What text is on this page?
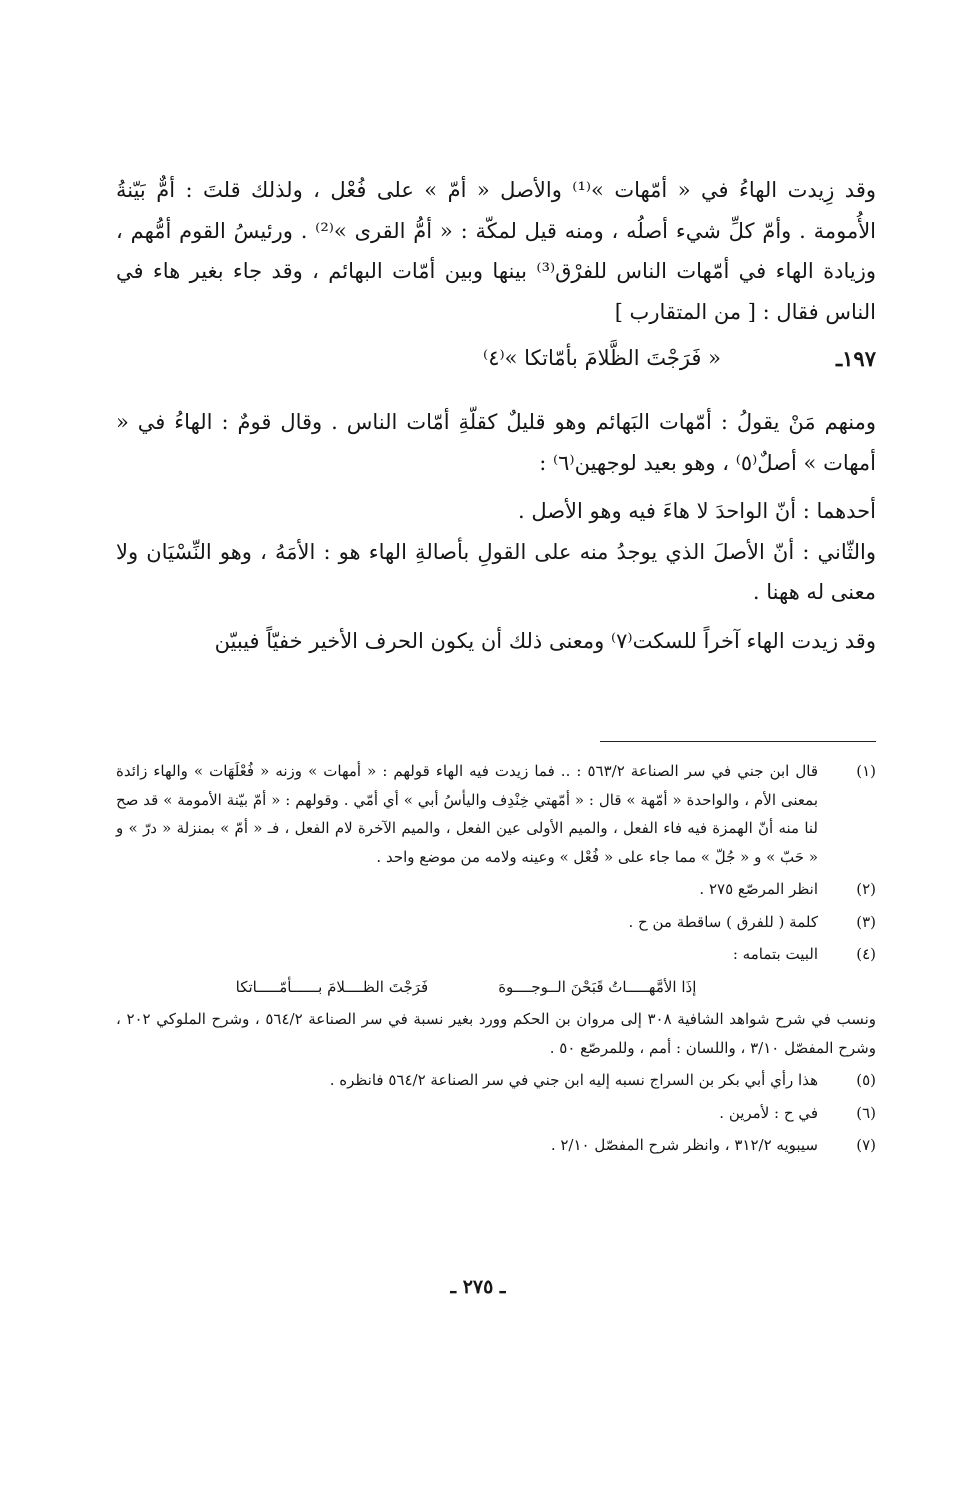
وقد زِيدت الهاءُ في « أمّهات »⁽¹⁾ والأصل « أمّ » على فُعْل ، ولذلك قلتَ : أمٌّ بَيّنةُ الأُمومة . وأمّ كلِّ شيء أصلُه ، ومنه قيل لمكّة : « أمُّ القرى »⁽²⁾ . ورئيسُ القوم أمُّهم ، وزيادة الهاء في أمّهات الناس للفرْق⁽³⁾ بينها وبين أمّات البهائم ، وقد جاء بغير هاء في الناس فقال : [ من المتقارب ]

١٩٧ـ
« فَرَجْتَ الظَّلامَ بأمّاتكا »⁽٤⁾

ومنهم مَنْ يقولُ : أمّهات البَهائم وهو قليلٌ كقلّةِ أمّات الناس . وقال قومٌ : الهاءُ في « أمهات » أصلٌ⁽٥⁾ ، وهو بعيد لوجهين⁽٦⁾ :

أحدهما : أنّ الواحدَ لا هاءَ فيه وهو الأصل .

والثّاني : أنّ الأصلَ الذي يوجدُ منه على القولِ بأصالةِ الهاء هو : الأمَهُ ، وهو النِّسْيَان ولا معنى له ههنا .

وقد زيدت الهاء آخراً للسكت⁽٧⁾ ومعنى ذلك أن يكون الحرف الأخير خفيّاً فيبيّن

(١)
قال ابن جني في سر الصناعة ٥٦٣/٢ : .. فما زيدت فيه الهاء قولهم : « أمهات » وزنه « فُعْلَهَات » والهاء زائدة بمعنى الأم ، والواحدة « أمّهة » قال : « أمّهتي خِنْدِف واليأسُ أبي » أي أمّي . وقولهم : « أمّ بيّنة الأمومة » قد صح لنا منه أنّ الهمزة فيه فاء الفعل ، والميم الأولى عين الفعل ، والميم الآخرة لام الفعل ، فـ « أمّ » بمنزلة « درّ » و « حَبّ » و « جُلّ » مما جاء على « فُعْل » وعينه ولامه من موضع واحد .
(٢)
انظر المرصّع ٢٧٥ .
(٣)
كلمة ( للفرق ) ساقطة من ح .
(٤)
البيت بتمامه :
إذَا الأمَّهـــــاتُ قَبَحْنَ الــوجــــوهَ
فَرَجْتَ الظــــلامَ بــــــأمّـــــاتكا
ونسب في شرح شواهد الشافية ٣٠٨ إلى مروان بن الحكم وورد بغير نسبة في سر الصناعة ٥٦٤/٢ ، وشرح الملوكي ٢٠٢ ، وشرح المفصّل ٣/١٠ ، واللسان : أمم ، وللمرصّع ٥٠ .
(٥)
هذا رأي أبي بكر بن السراج نسبه إليه ابن جني في سر الصناعة ٥٦٤/٢ فانظره .
(٦)
في ح : لأمرين .
(٧)
سيبويه ٣١٢/٢ ، وانظر شرح المفصّل ٢/١٠ .
ـ ٢٧٥ ـ
